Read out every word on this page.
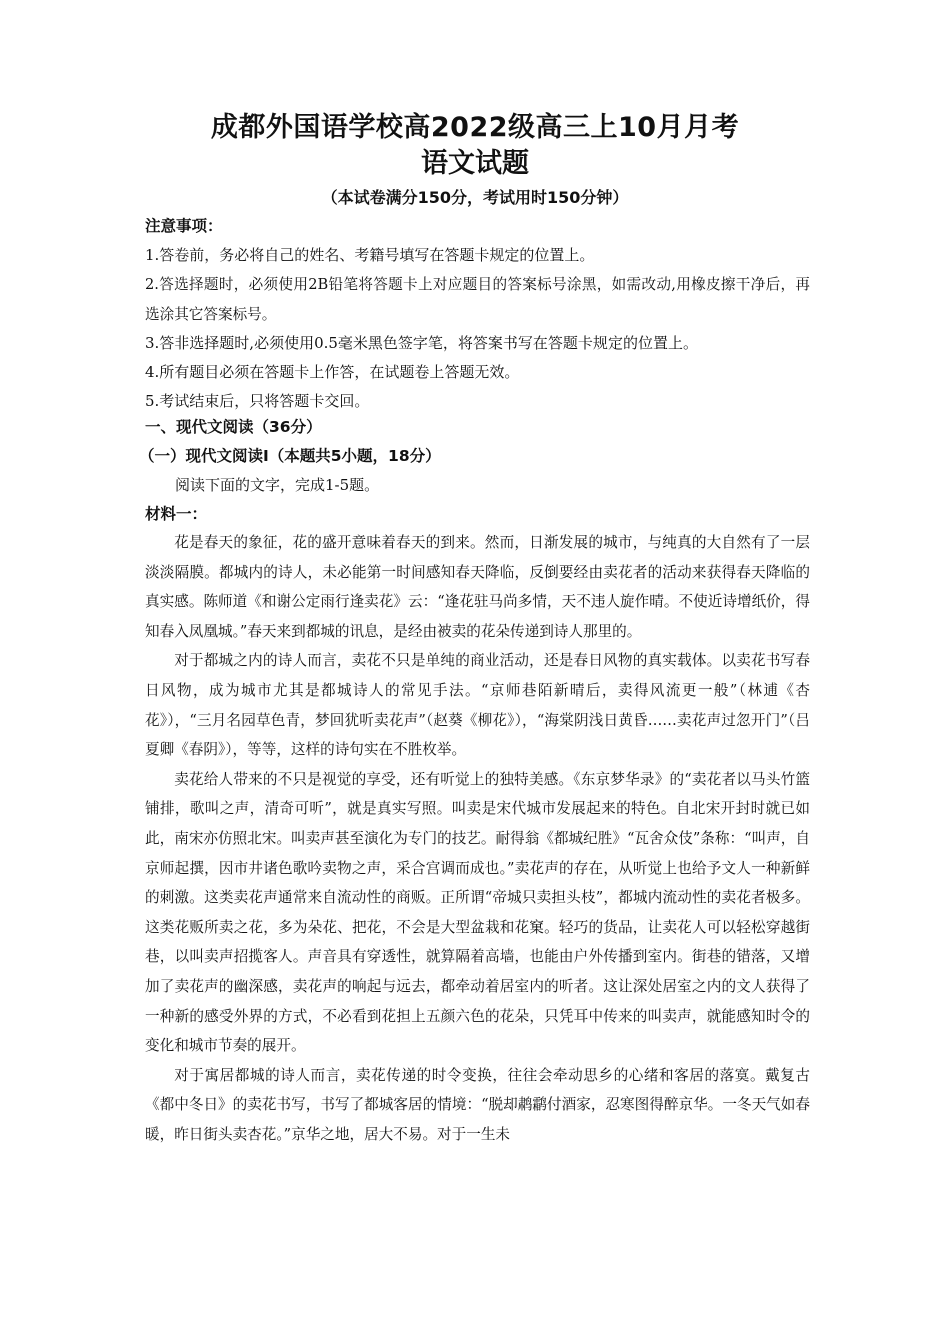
成都外国语学校高2022级高三上10月月考
语文试题
（本试卷满分150分，考试用时150分钟）
注意事项：
1.答卷前，务必将自己的姓名、考籍号填写在答题卡规定的位置上。
2.答选择题时，必须使用2B铅笔将答题卡上对应题目的答案标号涂黑，如需改动,用橡皮擦干净后，再选涂其它答案标号。
3.答非选择题时,必须使用0.5毫米黑色签字笔，将答案书写在答题卡规定的位置上。
4.所有题目必须在答题卡上作答，在试题卷上答题无效。
5.考试结束后，只将答题卡交回。
一、现代文阅读（36分）
（一）现代文阅读Ⅰ（本题共5小题，18分）
阅读下面的文字，完成1-5题。
材料一：
花是春天的象征，花的盛开意味着春天的到来。然而，日渐发展的城市，与纯真的大自然有了一层淡淡隔膜。都城内的诗人，未必能第一时间感知春天降临，反倒要经由卖花者的活动来获得春天降临的真实感。陈师道《和谢公定雨行逢卖花》云：“逢花驻马尚多情，天不违人旋作晴。不使近诗增纸价，得知春入凤凰城。”春天来到都城的讯息，是经由被卖的花朵传递到诗人那里的。
对于都城之内的诗人而言，卖花不只是单纯的商业活动，还是春日风物的真实载体。以卖花书写春日风物，成为城市尤其是都城诗人的常见手法。“京师巷陌新晴后，卖得风流更一般”（林逋《杏花》），“三月名园草色青，梦回犹听卖花声”（赵葵《柳花》），“海棠阴浅日黄昏……卖花声过忽开门”（吕夏卿《春阴》），等等，这样的诗句实在不胜枚举。
卖花给人带来的不只是视觉的享受，还有听觉上的独特美感。《东京梦华录》的“卖花者以马头竹篮铺排，歌叫之声，清奇可听”，就是真实写照。叫卖是宋代城市发展起来的特色。自北宋开封时就已如此，南宋亦仿照北宋。叫卖声甚至演化为专门的技艺。耐得翁《都城纪胜》“瓦舍众伎”条称：“叫声，自京师起撰，因市井诸色歌吟卖物之声，采合宫调而成也。”卖花声的存在，从听觉上也给予文人一种新鲜的刺激。这类卖花声通常来自流动性的商贩。正所谓“帝城只卖担头枝”，都城内流动性的卖花者极多。这类花贩所卖之花，多为朵花、把花，不会是大型盆栽和花窠。轻巧的货品，让卖花人可以轻松穿越街巷，以叫卖声招揽客人。声音具有穿透性，就算隔着高墙，也能由户外传播到室内。街巷的错落，又增加了卖花声的幽深感，卖花声的响起与远去，都牵动着居室内的听者。这让深处居室之内的文人获得了一种新的感受外界的方式，不必看到花担上五颜六色的花朵，只凭耳中传来的叫卖声，就能感知时令的变化和城市节奏的展开。
对于寓居都城的诗人而言，卖花传递的时令变换，往往会牵动思乡的心绪和客居的落寞。戴复古《都中冬日》的卖花书写，书写了都城客居的情境：“脱却鹔鹴付酒家，忍寒图得醉京华。一冬天气如春暖，昨日街头卖杏花。”京华之地，居大不易。对于一生未
